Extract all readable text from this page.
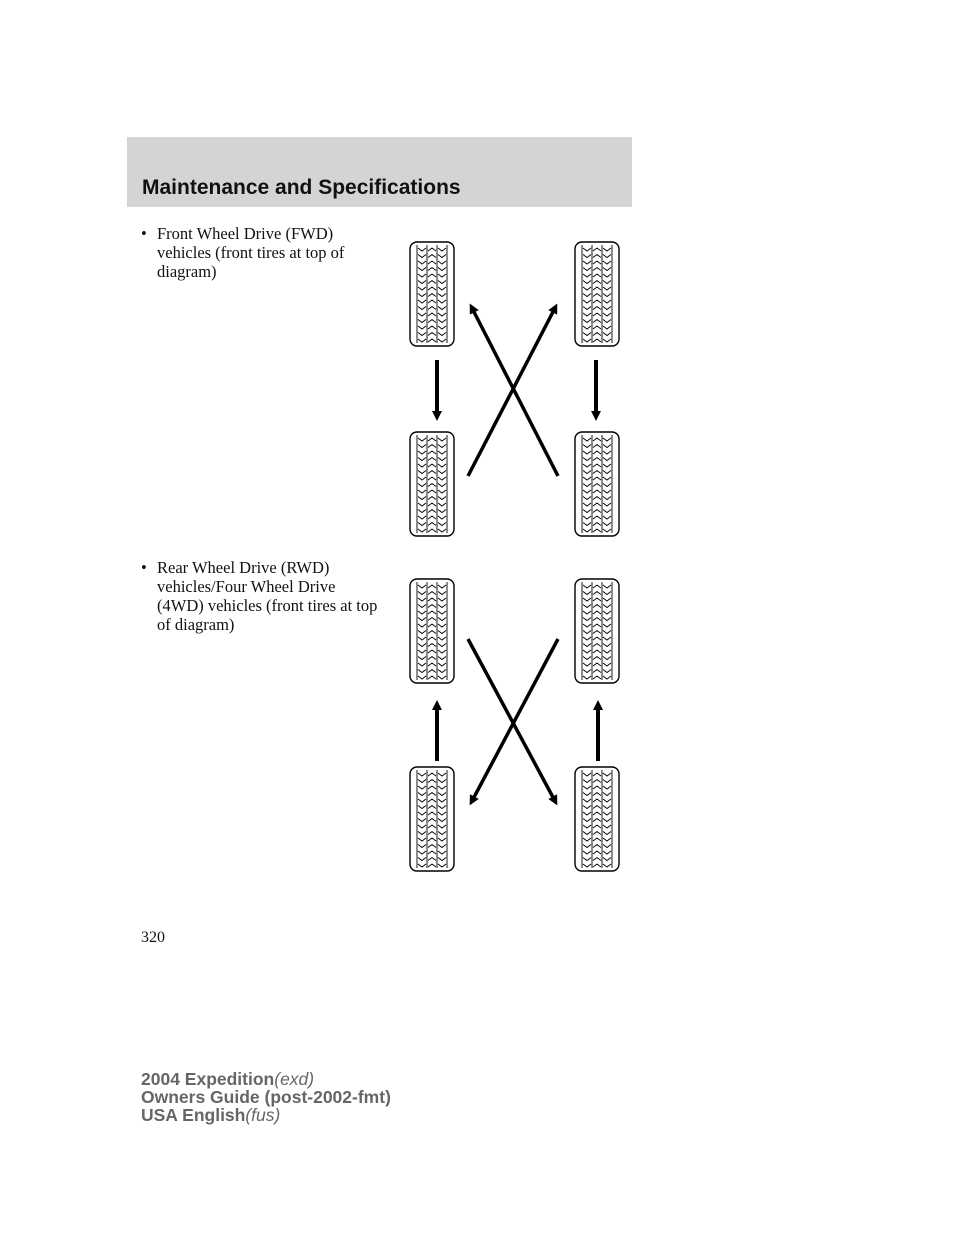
Maintenance and Specifications
• Front Wheel Drive (FWD) vehicles (front tires at top of diagram)
• Rear Wheel Drive (RWD) vehicles/Four Wheel Drive (4WD) vehicles (front tires at top of diagram)
320
2004 Expedition(exd)
Owners Guide (post-2002-fmt)
USA English(fus)
